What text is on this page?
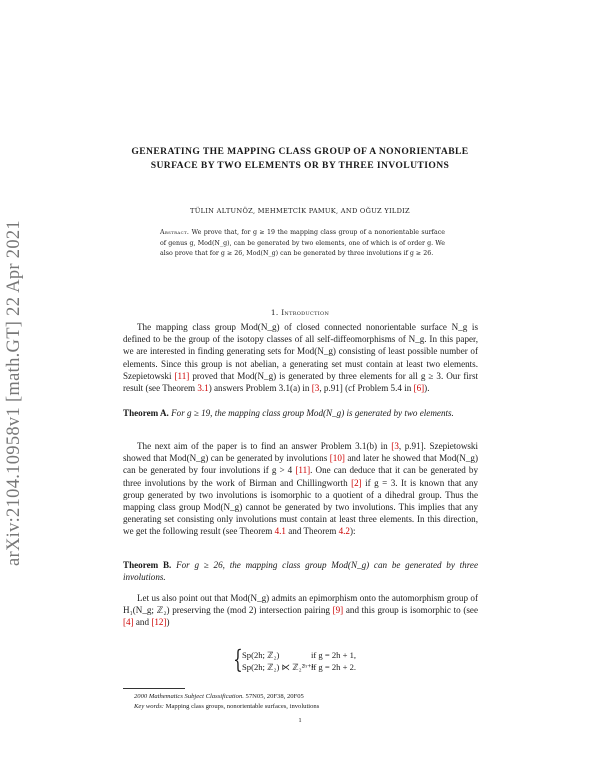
arXiv:2104.10958v1 [math.GT] 22 Apr 2021
GENERATING THE MAPPING CLASS GROUP OF A NONORIENTABLE SURFACE BY TWO ELEMENTS OR BY THREE INVOLUTIONS
TÜLIN ALTUNÖZ, MEHMETCİK PAMUK, AND OĞUZ YILDIZ
Abstract. We prove that, for g ≥ 19 the mapping class group of a nonorientable surface of genus g, Mod(N_g), can be generated by two elements, one of which is of order g. We also prove that for g ≥ 26, Mod(N_g) can be generated by three involutions if g ≥ 26.
1. Introduction
The mapping class group Mod(N_g) of closed connected nonorientable surface N_g is defined to be the group of the isotopy classes of all self-diffeomorphisms of N_g. In this paper, we are interested in finding generating sets for Mod(N_g) consisting of least possible number of elements. Since this group is not abelian, a generating set must contain at least two elements. Szepietowski [11] proved that Mod(N_g) is generated by three elements for all g ≥ 3. Our first result (see Theorem 3.1) answers Problem 3.1(a) in [3, p.91] (cf Problem 5.4 in [6]).
Theorem A. For g ≥ 19, the mapping class group Mod(N_g) is generated by two elements.
The next aim of the paper is to find an answer Problem 3.1(b) in [3, p.91]. Szepietowski showed that Mod(N_g) can be generated by involutions [10] and later he showed that Mod(N_g) can be generated by four involutions if g > 4 [11]. One can deduce that it can be generated by three involutions by the work of Birman and Chillingworth [2] if g = 3. It is known that any group generated by two involutions is isomorphic to a quotient of a dihedral group. Thus the mapping class group Mod(N_g) cannot be generated by two involutions. This implies that any generating set consisting only involutions must contain at least three elements. In this direction, we get the following result (see Theorem 4.1 and Theorem 4.2):
Theorem B. For g ≥ 26, the mapping class group Mod(N_g) can be generated by three involutions.
Let us also point out that Mod(N_g) admits an epimorphism onto the automorphism group of H₁(N_g; ℤ₂) preserving the (mod 2) intersection pairing [9] and this group is isomorphic to (see [4] and [12])
{ Sp(2h; ℤ₂)	if g = 2h + 1,
Sp(2h; ℤ₂) ⋉ ℤ₂²ʰ⁺¹
if g = 2h + 2.
2000 Mathematics Subject Classification. 57N05, 20F38, 20F05
Key words: Mapping class groups, nonorientable surfaces, involutions
1
